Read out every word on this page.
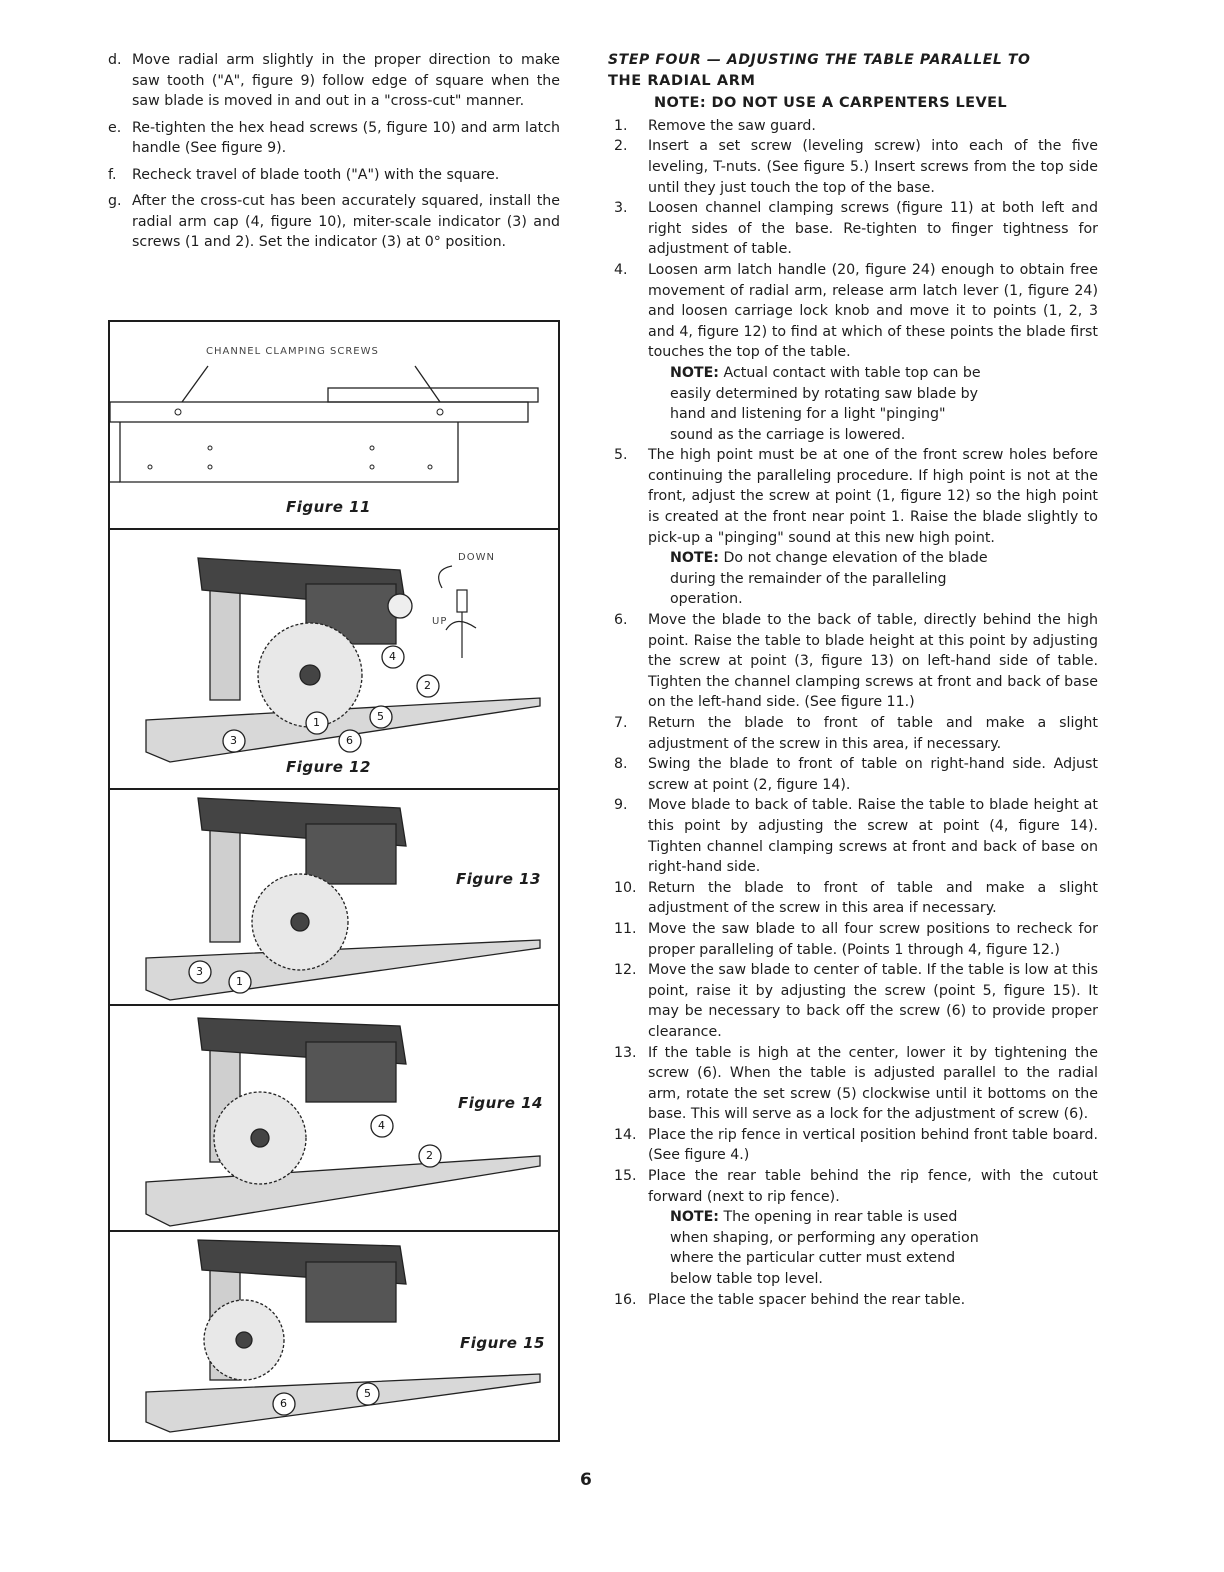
d. Move radial arm slightly in the proper direction to make saw tooth ("A", figure 9) follow edge of square when the saw blade is moved in and out in a "cross-cut" manner.
e. Re-tighten the hex head screws (5, figure 10) and arm latch handle (See figure 9).
f.	Recheck travel of blade tooth ("A") with the square.
g. After the cross-cut has been accurately squared, install the radial arm cap (4, figure 10), miter-scale indicator (3) and screws (1 and 2). Set the indicator (3) at 0° position.
CHANNEL CLAMPING SCREWS
Figure 11
DOWN
UP
4
2
3
5
1
6
Figure 12
3
1
Figure 13
4
2
Figure 14
6
5
Figure 15
STEP FOUR — ADJUSTING THE TABLE PARALLEL TO
THE RADIAL ARM
NOTE: DO NOT USE A CARPENTERS LEVEL
1.	Remove the saw guard.
2.	Insert a set screw (leveling screw) into each of the five leveling, T-nuts. (See figure 5.) Insert screws from the top side until they just touch the top of the base.
3.	Loosen channel clamping screws (figure 11) at both left and right sides of the base. Re-tighten to finger tightness for adjustment of table.
4.	Loosen arm latch handle (20, figure 24) enough to obtain free movement of radial arm, release arm latch lever (1, figure 24) and loosen carriage lock knob and move it to points (1, 2, 3 and 4, figure 12) to find at which of these points the blade first touches the top of the table.
NOTE: Actual contact with table top can be easily determined by rotating saw blade by hand and listening for a light "pinging" sound as the carriage is lowered.
5.	The high point must be at one of the front screw holes before continuing the paralleling procedure. If high point is not at the front, adjust the screw at point (1, figure 12) so the high point is created at the front near point 1. Raise the blade slightly to pick-up a "pinging" sound at this new high point.
NOTE: Do not change elevation of the blade during the remainder of the paralleling operation.
6.	Move the blade to the back of table, directly behind the high point. Raise the table to blade height at this point by adjusting the screw at point (3, figure 13) on left-hand side of table. Tighten the channel clamping screws at front and back of base on the left-hand side. (See figure 11.)
7.	Return the blade to front of table and make a slight adjustment of the screw in this area, if necessary.
8.	Swing the blade to front of table on right-hand side. Adjust screw at point (2, figure 14).
9.	Move blade to back of table. Raise the table to blade height at this point by adjusting the screw at point (4, figure 14). Tighten channel clamping screws at front and back of base on right-hand side.
10. Return the blade to front of table and make a slight adjustment of the screw in this area if necessary.
11. Move the saw blade to all four screw positions to recheck for proper paralleling of table. (Points 1 through 4, figure 12.)
12. Move the saw blade to center of table. If the table is low at this point, raise it by adjusting the screw (point 5, figure 15). It may be necessary to back off the screw (6) to provide proper clearance.
13. If the table is high at the center, lower it by tightening the screw (6). When the table is adjusted parallel to the radial arm, rotate the set screw (5) clockwise until it bottoms on the base. This will serve as a lock for the adjustment of screw (6).
14. Place the rip fence in vertical position behind front table board. (See figure 4.)
15. Place the rear table behind the rip fence, with the cutout forward (next to rip fence).
NOTE: The opening in rear table is used when shaping, or performing any operation where the particular cutter must extend below table top level.
16. Place the table spacer behind the rear table.
6
